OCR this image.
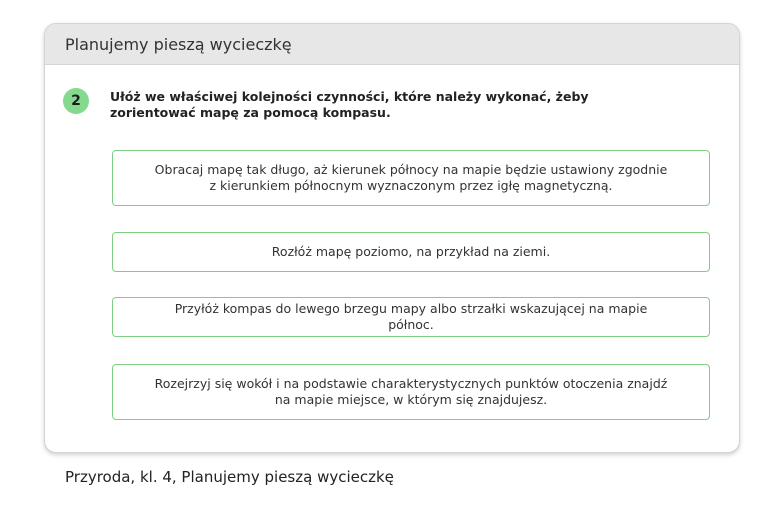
Planujemy pieszą wycieczkę
2	Ułóż we właściwej kolejności czynności, które należy wykonać, żeby zorientować mapę za pomocą kompasu.
Obracaj mapę tak długo, aż kierunek północy na mapie będzie ustawiony zgodnie z kierunkiem północnym wyznaczonym przez igłę magnetyczną.
Rozłóż mapę poziomo, na przykład na ziemi.
Przyłóż kompas do lewego brzegu mapy albo strzałki wskazującej na mapie północ.
Rozejrzyj się wokół i na podstawie charakterystycznych punktów otoczenia znajdź na mapie miejsce, w którym się znajdujesz.
Przyroda, kl. 4, Planujemy pieszą wycieczkę
